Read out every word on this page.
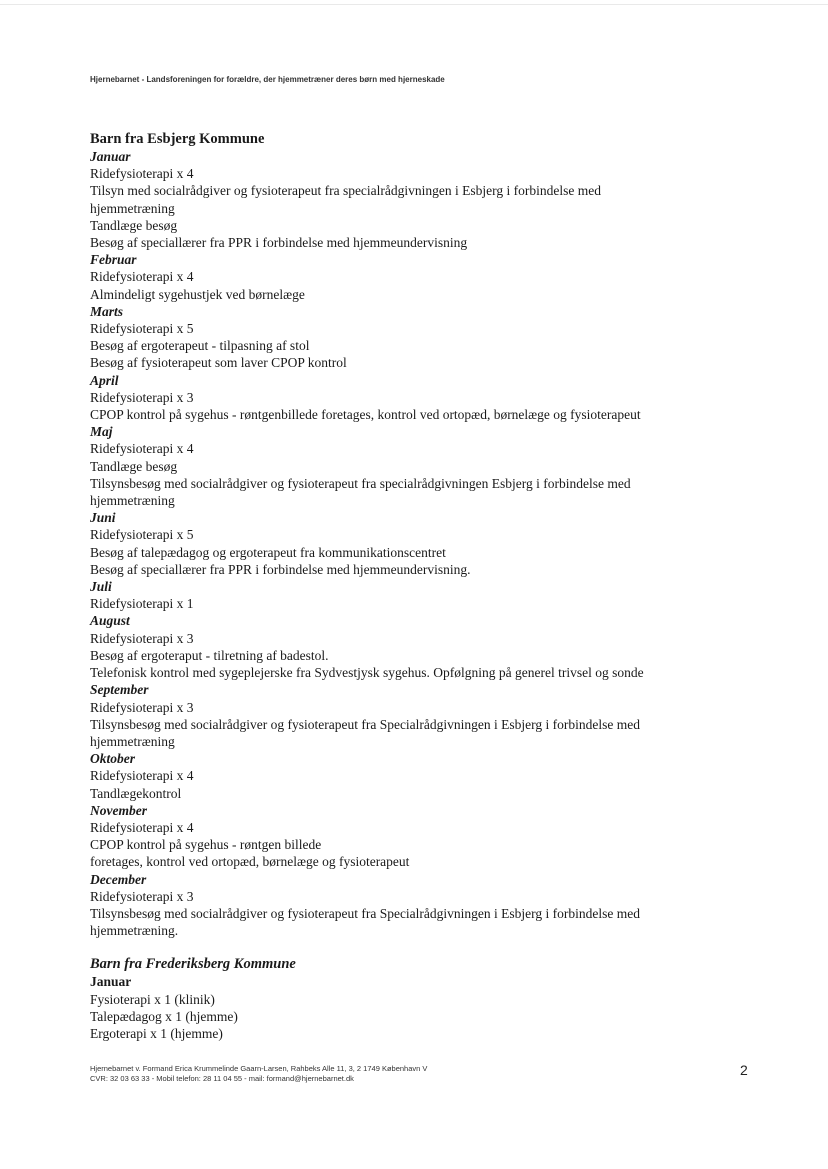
Hjernebarnet - Landsforeningen for forældre, der hjemmetræner deres børn med hjerneskade
Barn fra Esbjerg Kommune
Januar
Ridefysioterapi x 4
Tilsyn med socialrådgiver og fysioterapeut fra specialrådgivningen i Esbjerg i forbindelse med
hjemmetræning
Tandlæge besøg
Besøg af speciallærer fra PPR i forbindelse med hjemmeundervisning
Februar
Ridefysioterapi x 4
Almindeligt sygehustjek ved børnelæge
Marts
Ridefysioterapi x 5
Besøg af ergoterapeut - tilpasning af stol
Besøg af fysioterapeut som laver CPOP kontrol
April
Ridefysioterapi x 3
CPOP kontrol på sygehus - røntgenbillede foretages, kontrol ved ortopæd, børnelæge og fysioterapeut
Maj
Ridefysioterapi x 4
Tandlæge besøg
Tilsynsbesøg med socialrådgiver og fysioterapeut fra specialrådgivningen Esbjerg i forbindelse med
hjemmetræning
Juni
Ridefysioterapi x 5
Besøg af talepædagog og ergoterapeut fra kommunikationscentret
Besøg af speciallærer fra PPR i forbindelse med hjemmeundervisning.
Juli
Ridefysioterapi x 1
August
Ridefysioterapi x 3
Besøg af ergoteraput - tilretning af badestol.
Telefonisk kontrol med sygeplejerske fra Sydvestjysk sygehus. Opfølgning på generel trivsel og sonde
September
Ridefysioterapi x 3
Tilsynsbesøg med socialrådgiver og fysioterapeut fra Specialrådgivningen i Esbjerg i forbindelse med
hjemmetræning
Oktober
Ridefysioterapi x 4
Tandlægekontrol
November
Ridefysioterapi x 4
CPOP kontrol på sygehus - røntgen billede
foretages, kontrol ved ortopæd, børnelæge og fysioterapeut
December
Ridefysioterapi x 3
Tilsynsbesøg med socialrådgiver og fysioterapeut fra Specialrådgivningen i Esbjerg i forbindelse med
hjemmetræning.
Barn fra Frederiksberg Kommune
Januar
Fysioterapi x 1 (klinik)
Talepædagog x 1 (hjemme)
Ergoterapi x 1 (hjemme)
Hjernebarnet v. Formand Erica Krummelinde Gaarn-Larsen, Rahbeks Alle 11, 3, 2 1749 København V
CVR: 32 03 63 33 - Mobil telefon: 28 11 04 55 - mail: formand@hjernebarnet.dk
2
